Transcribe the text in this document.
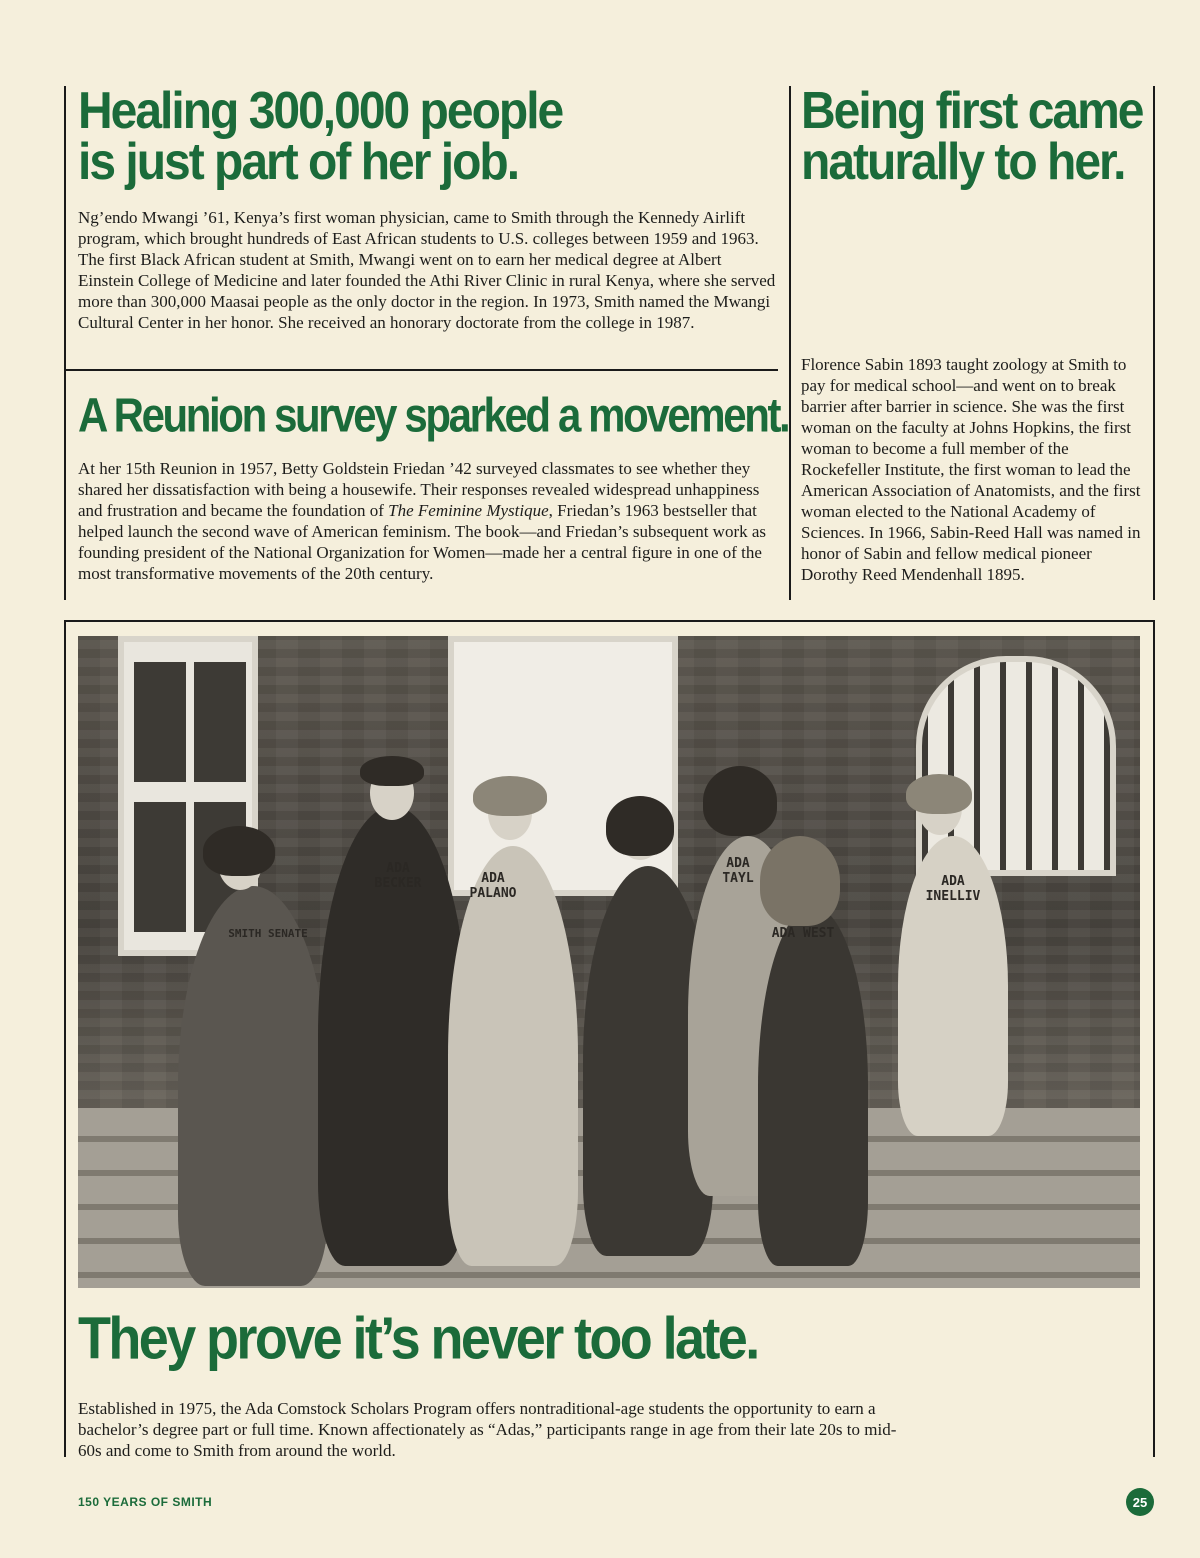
Healing 300,000 people
is just part of her job.

Ng’endo Mwangi ’61, Kenya’s first woman physician, came to Smith through the Kennedy Airlift program, which brought hundreds of East African students to U.S. colleges between 1959 and 1963. The first Black African student at Smith, Mwangi went on to earn her medical degree at Albert Einstein College of Medicine and later founded the Athi River Clinic in rural Kenya, where she served more than 300,000 Maasai people as the only doctor in the region. In 1973, Smith named the Mwangi Cultural Center in her honor. She received an honorary doctorate from the college in 1987.

Being first came
naturally to her.

Florence Sabin 1893 taught zoology at Smith to pay for medical school—and went on to break barrier after barrier in science. She was the first woman on the faculty at Johns Hopkins, the first woman to become a full member of the Rockefeller Institute, the first woman to lead the American Association of Anatomists, and the first woman elected to the National Academy of Sciences. In 1966, Sabin-Reed Hall was named in honor of Sabin and fellow medical pioneer Dorothy Reed Mendenhall 1895.

A Reunion survey sparked a movement.

At her 15th Reunion in 1957, Betty Goldstein Friedan ’42 surveyed classmates to see whether they shared her dissatisfaction with being a housewife. Their responses revealed widespread unhappiness and frustration and became the foundation of The Feminine Mystique, Friedan’s 1963 bestseller that helped launch the second wave of American feminism. The book—and Friedan’s subsequent work as founding president of the National Organization for Women—made her a central figure in one of the most transformative movements of the 20th century.

SMITH SENATE
ADA BECKER	ADA PALANO
ADA TAYL
ADA WEST
ADA INELLIV
They prove it’s never too late.

Established in 1975, the Ada Comstock Scholars Program offers nontraditional-age students the opportunity to earn a bachelor’s degree part or full time. Known affectionately as “Adas,” participants range in age from their late 20s to mid-60s and come to Smith from around the world.

150 YEARS OF SMITH	25
